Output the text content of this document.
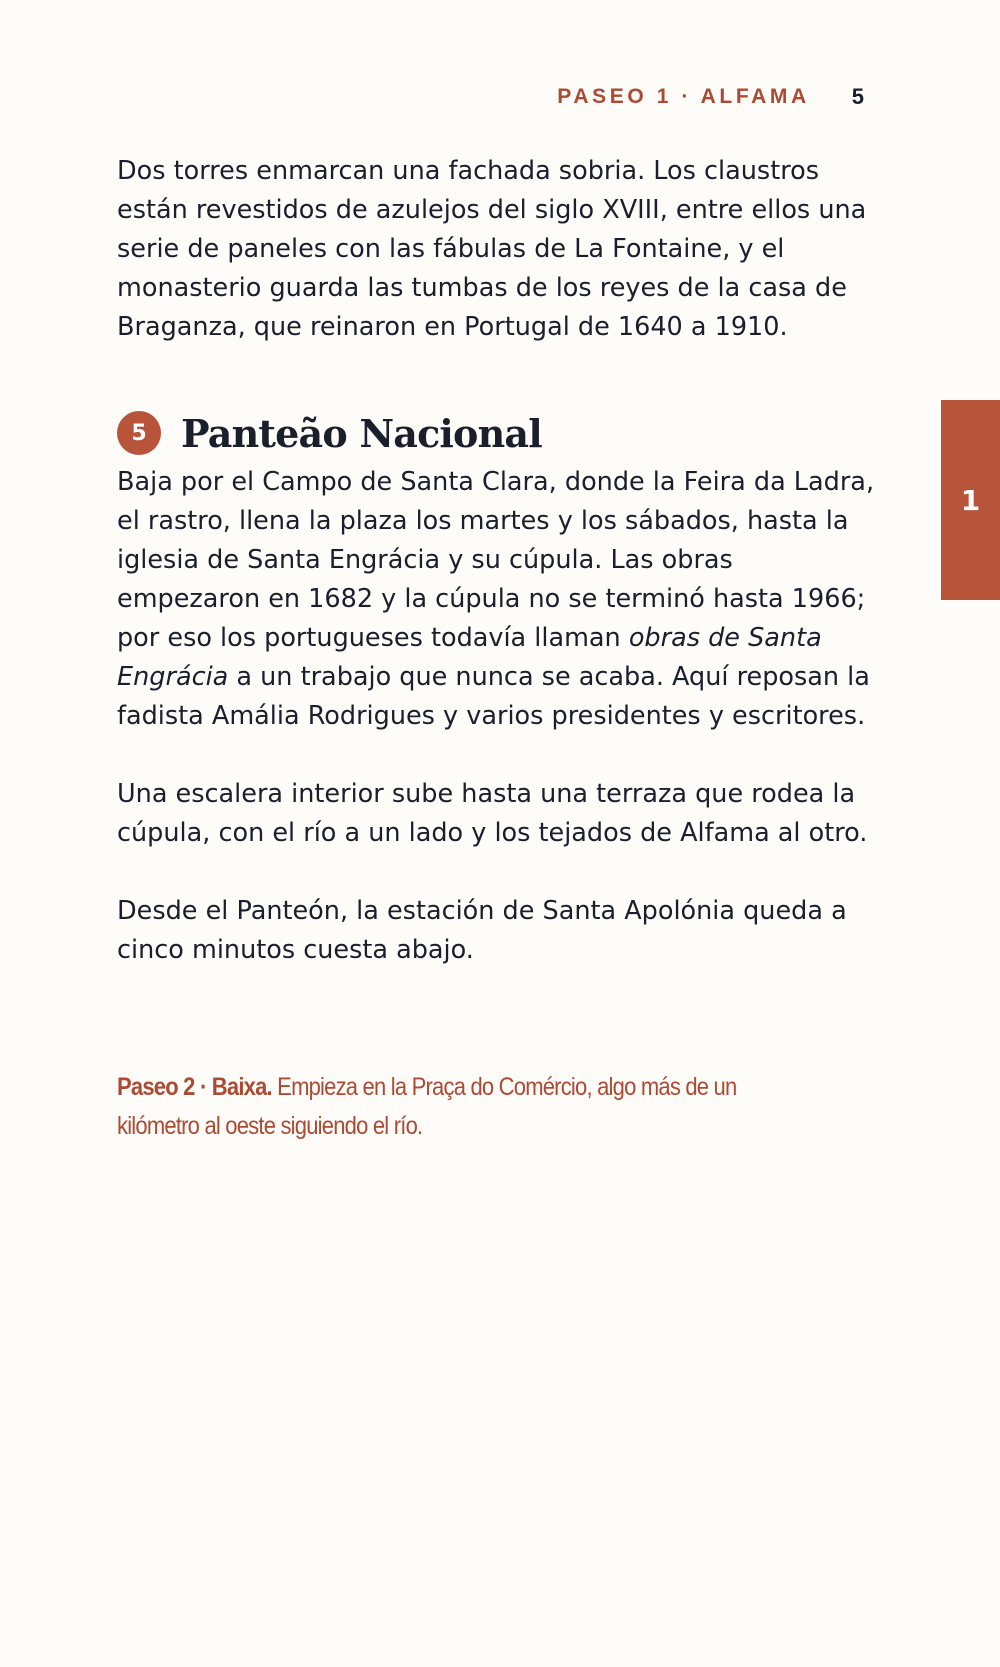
PASEO 1 · ALFAMA 5

Dos torres enmarcan una fachada sobria. Los claustros están revestidos de azulejos del siglo XVIII, entre ellos una serie de paneles con las fábulas de La Fontaine, y el monasterio guarda las tumbas de los reyes de la casa de Braganza, que reinaron en Portugal de 1640 a 1910.

5 Panteão Nacional

Baja por el Campo de Santa Clara, donde la Feira da Ladra, el rastro, llena la plaza los martes y los sábados, hasta la iglesia de Santa Engrácia y su cúpula. Las obras empezaron en 1682 y la cúpula no se terminó hasta 1966; por eso los portugueses todavía llaman obras de Santa Engrácia a un trabajo que nunca se acaba. Aquí reposan la fadista Amália Rodrigues y varios presidentes y escritores.

Una escalera interior sube hasta una terraza que rodea la cúpula, con el río a un lado y los tejados de Alfama al otro.

Desde el Panteón, la estación de Santa Apolónia queda a cinco minutos cuesta abajo.

Paseo 2 · Baixa. Empieza en la Praça do Comércio, algo más de un kilómetro al oeste siguiendo el río.

1
